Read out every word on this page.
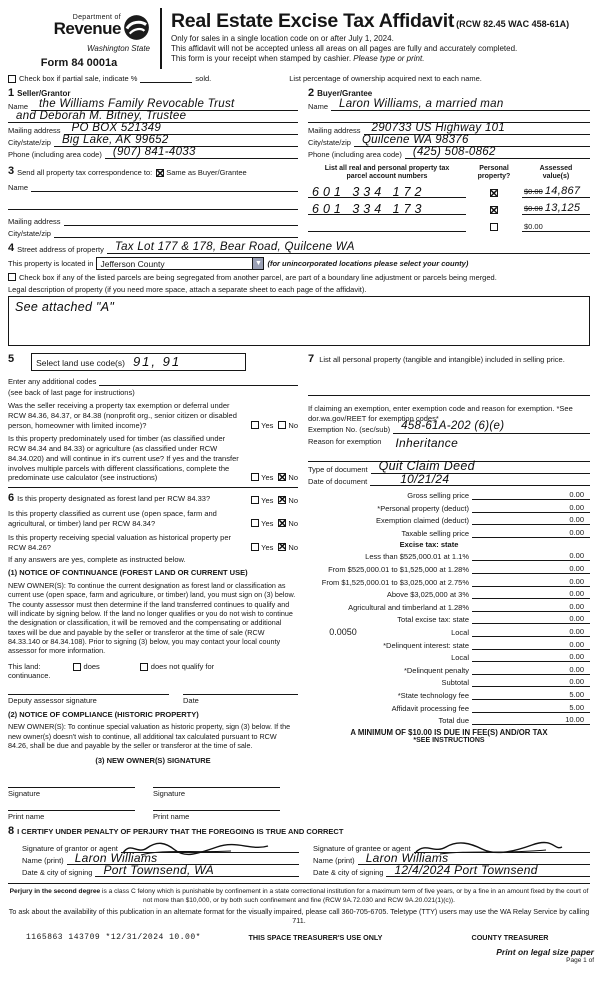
Department of
Revenue
Washington State
Form 84 0001a
Real Estate Excise Tax Affidavit (RCW 82.45 WAC 458-61A)
Only for sales in a single location code on or after July 1, 2024.
This affidavit will not be accepted unless all areas on all pages are fully and accurately completed.
This form is your receipt when stamped by cashier. Please type or print.
Check box if partial sale, indicate %	sold.	List percentage of ownership acquired next to each name.
1 Seller/Grantor
Name the Williams Family Revocable Trust
and Deborah M. Bitney, Trustee
Mailing address PO BOX 521349
City/state/zip Big Lake, AK 99652
Phone (including area code) (907) 841-4033
2 Buyer/Grantee
Name Laron Williams, a married man
Mailing address 290733 US Highway 101
City/state/zip Quilcene WA 98376
Phone (including area code) (425) 508-0862
3 Send all property tax correspondence to: ✕ Same as Buyer/Grantee
Name
Mailing address
City/state/zip
List all real and personal property tax
parcel account numbers
Personal
property?
Assessed
value(s)
601 334 172 ✕	$0.00 14,867
601 334 173 ✕	$0.00 13,125
$0.00
4 Street address of property Tax Lot 177 & 178, Bear Road, Quilcene WA
This property is located in Jefferson County	▼ (for unincorporated locations please select your county)
Check box if any of the listed parcels are being segregated from another parcel, are part of a boundary line adjustment or parcels being merged.
Legal description of property (if you need more space, attach a separate sheet to each page of the affidavit).
See attached "A"
5	Select land use code(s) 91, 91
Enter any additional codes
(see back of last page for instructions)
Was the seller receiving a property tax exemption or deferral under RCW 84.36, 84.37, or 84.38 (nonprofit org., senior citizen or disabled person, homeowner with limited income)?	Yes No
Is this property predominately used for timber (as classified under RCW 84.34 and 84.33) or agriculture (as classified under RCW 84.34.020) and will continue in it's current use? If yes and the transfer involves multiple parcels with different classifications, complete the predominate use calculator (see instructions)	Yes ✕ No
6 Is this property designated as forest land per RCW 84.33?	Yes ✕ No
Is this property classified as current use (open space, farm and agricultural, or timber) land per RCW 84.34?	Yes ✕ No
Is this property receiving special valuation as historical property per RCW 84.26?	Yes ✕ No
If any answers are yes, complete as instructed below.
(1) NOTICE OF CONTINUANCE (FOREST LAND OR CURRENT USE)
NEW OWNER(S): To continue the current designation as forest land or classification as current use (open space, farm and agriculture, or timber) land, you must sign on (3) below. The county assessor must then determine if the land transferred continues to qualify and will indicate by signing below. If the land no longer qualifies or you do not wish to continue the designation or classification, it will be removed and the compensating or additional taxes will be due and payable by the seller or transferor at the time of sale (RCW 84.33.140 or 84.34.108). Prior to signing (3) below, you may contact your local county assessor for more information.
This land:	does	does not qualify for
continuance.
Deputy assessor signature	Date
(2) NOTICE OF COMPLIANCE (HISTORIC PROPERTY)
NEW OWNER(S): To continue special valuation as historic property, sign (3) below. If the new owner(s) doesn't wish to continue, all additional tax calculated pursuant to RCW 84.26, shall be due and payable by the seller or transferor at the time of sale.
(3) NEW OWNER(S) SIGNATURE
Signature
Print name
Signature
Print name
7 List all personal property (tangible and intangible) included in selling price.
If claiming an exemption, enter exemption code and reason for exemption. *See dor.wa.gov/REET for exemption codes*
Exemption No. (sec/sub) 458-61A-202 (6)(e)
Reason for exemption Inheritance
Type of document Quit Claim Deed
Date of document	10/21/24
Gross selling price	0.00
*Personal property (deduct)	0.00
Exemption claimed (deduct)	0.00
Taxable selling price	0.00
Excise tax: state
Less than $525,000.01 at 1.1%	0.00
From $525,000.01 to $1,525,000 at 1.28%	0.00
From $1,525,000.01 to $3,025,000 at 2.75%	0.00
Above $3,025,000 at 3%	0.00
Agricultural and timberland at 1.28%	0.00
Total excise tax: state	0.00
0.0050	Local	0.00
*Delinquent interest: state	0.00
Local	0.00
*Delinquent penalty	0.00
Subtotal	0.00
*State technology fee	5.00
Affidavit processing fee	5.00
Total due	10.00
A MINIMUM OF $10.00 IS DUE IN FEE(S) AND/OR TAX
*SEE INSTRUCTIONS
8 I CERTIFY UNDER PENALTY OF PERJURY THAT THE FOREGOING IS TRUE AND CORRECT
Signature of grantor or agent
Name (print) Laron Williams
Date & city of signing Port Townsend, WA
Signature of grantee or agent
Name (print) Laron Williams
Date & city of signing 12/4/2024 Port Townsend
Perjury in the second degree is a class C felony which is punishable by confinement in a state correctional institution for a maximum term of five years, or by a fine in an amount fixed by the court of not more than $10,000, or by both such confinement and fine (RCW 9A.72.030 and RCW 9A.20.021(1)(c)).
To ask about the availability of this publication in an alternate format for the visually impaired, please call 360-705-6705. Teletype (TTY) users may use the WA Relay Service by calling 711.
1165863 143709 *12/31/2024 10.00*	THIS SPACE TREASURER'S USE ONLY	COUNTY TREASURER
Print on legal size paper
Page 1 of
